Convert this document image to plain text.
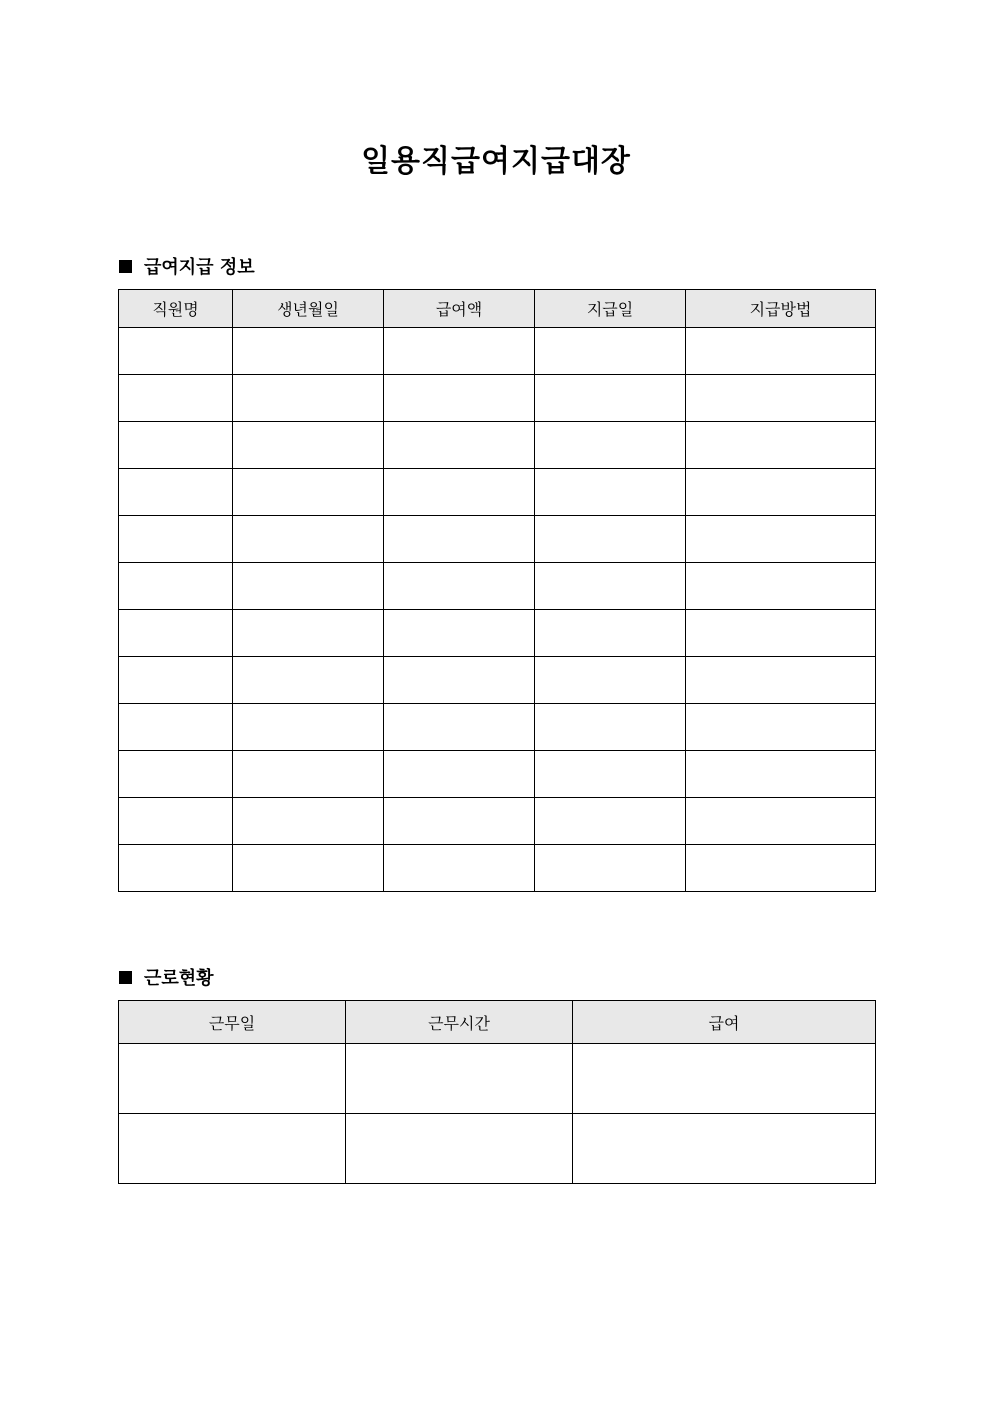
일용직급여지급대장
급여지급 정보
직원명	생년월일	급여액	지급일	지급방법

근로현황
근무일	근무시간	급여
